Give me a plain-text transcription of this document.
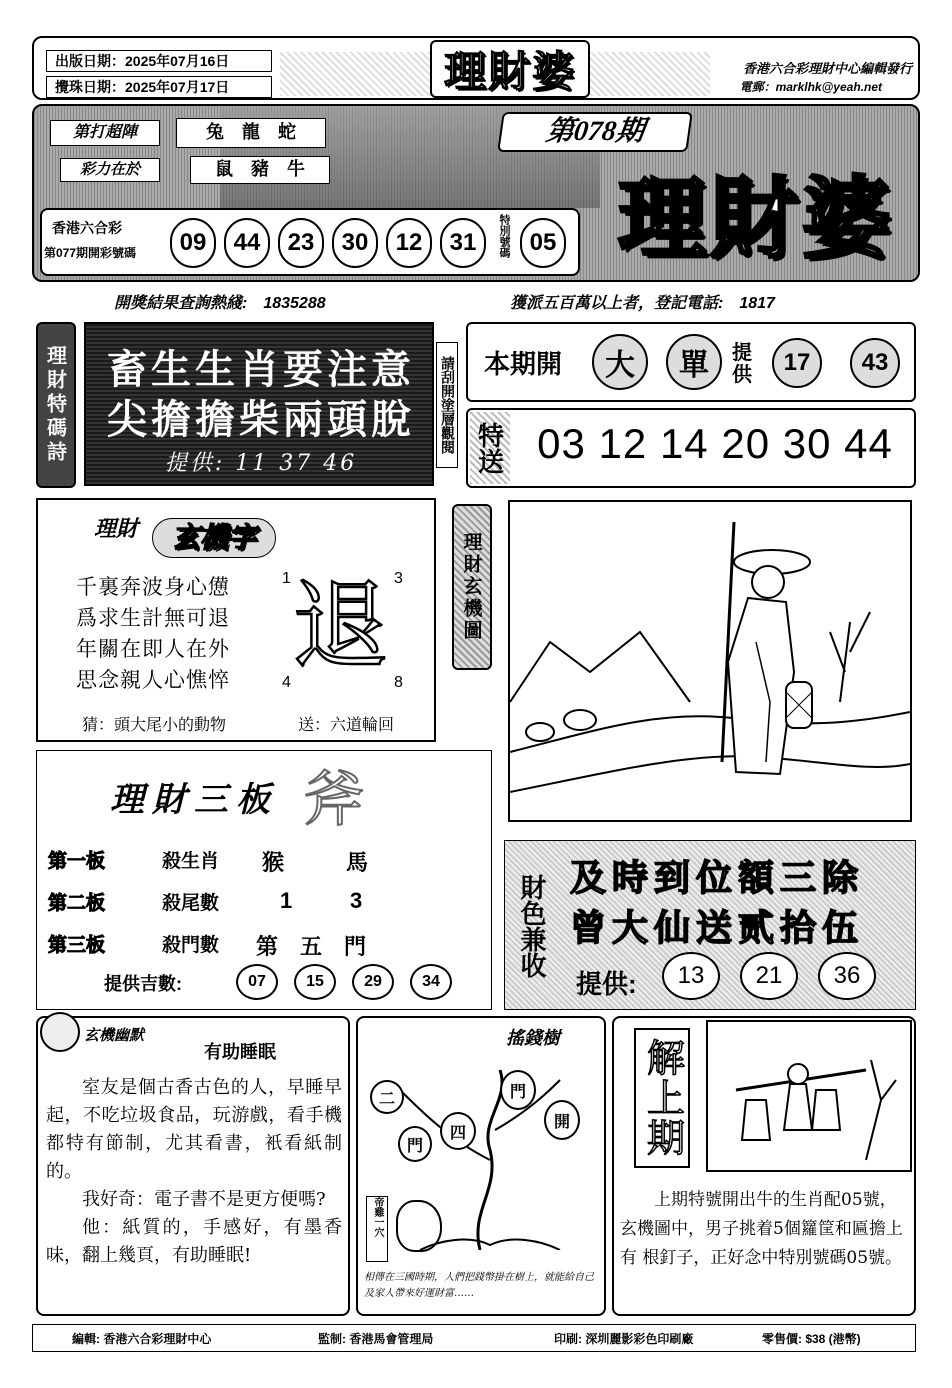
出版日期：2025年07月16日
攪珠日期：2025年07月17日	理財婆	香港六合彩理財中心編輯發行
電郵：marklhk@yeah.net
第打超陣	兔　龍　蛇
彩力在於	鼠　豬　牛
第078期
理財婆
香港六合彩
第077期開彩號碼	09	44	23	30	12	31	特別號碼 05
開獎結果查詢熱綫:　1835288	獲派五百萬以上者，登記電話:　1817
理財特碼詩 畜生生肖要注意
尖擔擔柴兩頭脫
提供: 11 37 46
請刮開塗層觀閱 本期開	大	單	提供	17	43
特送 03 12 14 20 30 44
理財	玄機字
千裏奔波身心憊
爲求生計無可退
年關在即人在外
思念親人心憔悴
1	3
4	8
退
猜：頭大尾小的動物	送：六道輪回
理財玄機圖
理財三板 斧
第一板	殺生肖 猴	馬
第二板	殺尾數	1	3
第三板	殺門數 第　五　門
提供吉數:	07	15	29	34
財色兼收 及時到位額三除
曾大仙送贰拾伍
提供:	13	21	36
玄機幽默
有助睡眠

室友是個古香古色的人，早睡早起，不吃垃圾食品，玩游戲，看手機都特有節制，尤其看書，衹看紙制的。

我好奇：電子書不是更方便嗎?

他：紙質的，手感好，有墨香味，翻上幾頁，有助睡眠!

搖錢樹
二	門
開
門
四
帝雞一穴
相傳在三國時期，人們把錢幣掛在樹上，就能給自己及家人帶來好運財富……
解上期
上期特號開出牛的生肖配05號，玄機圖中，男子挑着5個籮筐和匾擔上有 根釘子，正好念中特別號碼05號。
編輯: 香港六合彩理財中心	監制: 香港馬會管理局	印刷: 深圳麗影彩色印刷廠	零售價: $38 (港幣)
